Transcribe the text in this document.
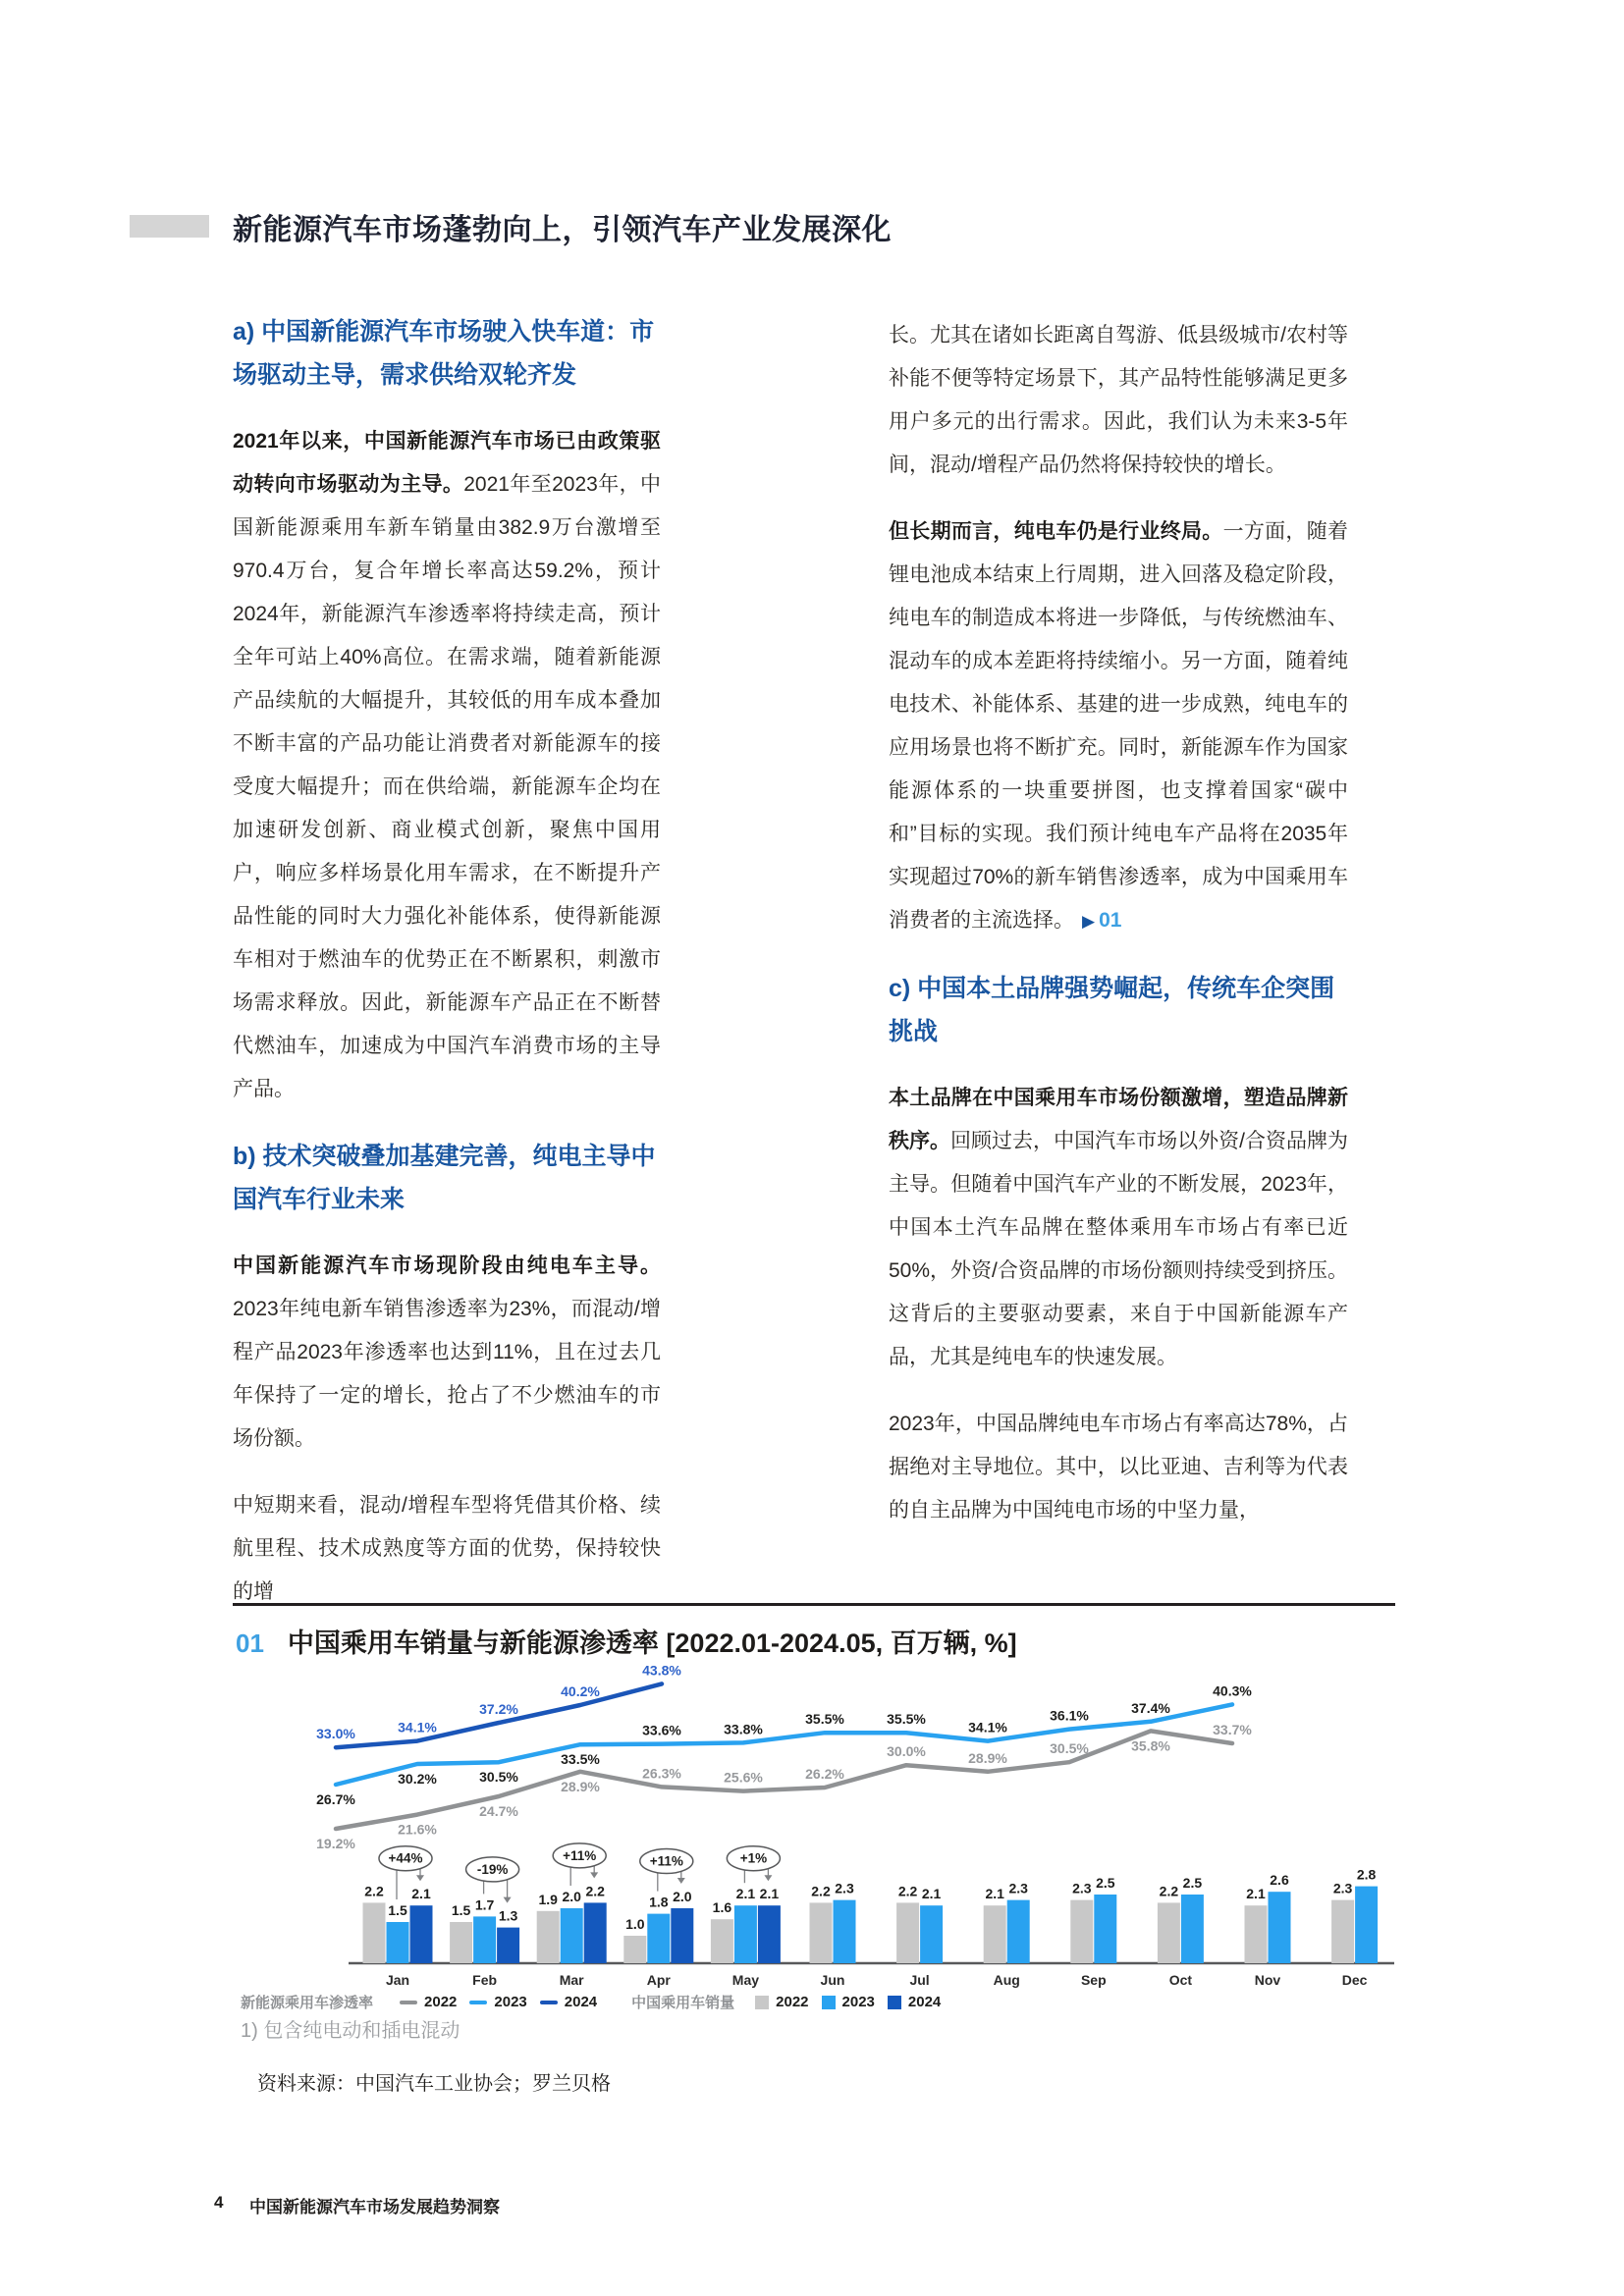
新能源汽车市场蓬勃向上，引领汽车产业发展深化
a) 中国新能源汽车市场驶入快车道：市场驱动主导，需求供给双轮齐发

2021年以来，中国新能源汽车市场已由政策驱动转向市场驱动为主导。2021年至2023年，中国新能源乘用车新车销量由382.9万台激增至970.4万台，复合年增长率高达59.2%，预计2024年，新能源汽车渗透率将持续走高，预计全年可站上40%高位。在需求端，随着新能源产品续航的大幅提升，其较低的用车成本叠加不断丰富的产品功能让消费者对新能源车的接受度大幅提升；而在供给端，新能源车企均在加速研发创新、商业模式创新，聚焦中国用户，响应多样场景化用车需求，在不断提升产品性能的同时大力强化补能体系，使得新能源车相对于燃油车的优势正在不断累积，刺激市场需求释放。因此，新能源车产品正在不断替代燃油车，加速成为中国汽车消费市场的主导产品。

b) 技术突破叠加基建完善，纯电主导中国汽车行业未来

中国新能源汽车市场现阶段由纯电车主导。2023年纯电新车销售渗透率为23%，而混动/增程产品2023年渗透率也达到11%，且在过去几年保持了一定的增长，抢占了不少燃油车的市场份额。

中短期来看，混动/增程车型将凭借其价格、续航里程、技术成熟度等方面的优势，保持较快的增

长。尤其在诸如长距离自驾游、低县级城市/农村等补能不便等特定场景下，其产品特性能够满足更多用户多元的出行需求。因此，我们认为未来3-5年间，混动/增程产品仍然将保持较快的增长。

但长期而言，纯电车仍是行业终局。一方面，随着锂电池成本结束上行周期，进入回落及稳定阶段，纯电车的制造成本将进一步降低，与传统燃油车、混动车的成本差距将持续缩小。另一方面，随着纯电技术、补能体系、基建的进一步成熟，纯电车的应用场景也将不断扩充。同时，新能源车作为国家能源体系的一块重要拼图，也支撑着国家“碳中和”目标的实现。我们预计纯电车产品将在2035年实现超过70%的新车销售渗透率，成为中国乘用车消费者的主流选择。 ▶ 01

c) 中国本土品牌强势崛起，传统车企突围挑战

本土品牌在中国乘用车市场份额激增，塑造品牌新秩序。回顾过去，中国汽车市场以外资/合资品牌为主导。但随着中国汽车产业的不断发展，2023年，中国本土汽车品牌在整体乘用车市场占有率已近50%，外资/合资品牌的市场份额则持续受到挤压。 这背后的主要驱动要素，来自于中国新能源车产品，尤其是纯电车的快速发展。

2023年，中国品牌纯电车市场占有率高达78%，占据绝对主导地位。其中，以比亚迪、吉利等为代表的自主品牌为中国纯电市场的中坚力量，

01 中国乘用车销量与新能源渗透率 [2022.01-2024.05, 百万辆, %]
2.2
1.5
2.1
Jan
1.5 1.7
1.3
Feb
1.9 2.0 2.2
Mar
1.0
1.8 2.0
Apr
1.6
2.1 2.1
May
2.2 2.3
Jun
2.2 2.1
Jul
2.1 2.3
Aug
2.3 2.5
Sep
2.2
2.5
Oct
2.1
2.6
Nov
2.3
2.8
Dec
+44%
-19%
+11%	+11%	+1%
19.2%
21.6%
24.7%
28.9%
26.3%	25.6%	26.2%
30.0%	28.9%
30.5%	35.8%
33.7%
26.7%
30.2%	30.5%
33.5%
33.6%	33.8%
35.5%	35.5%
34.1%
36.1%	37.4%
40.3%
33.0%	34.1%
37.2%
40.2%
43.8%
新能源乘用车渗透率	2022	2023	2024 中国乘用车销量	2022 2023 2024
1) 包含纯电动和插电混动
资料来源：中国汽车工业协会；罗兰贝格
4 中国新能源汽车市场发展趋势洞察
